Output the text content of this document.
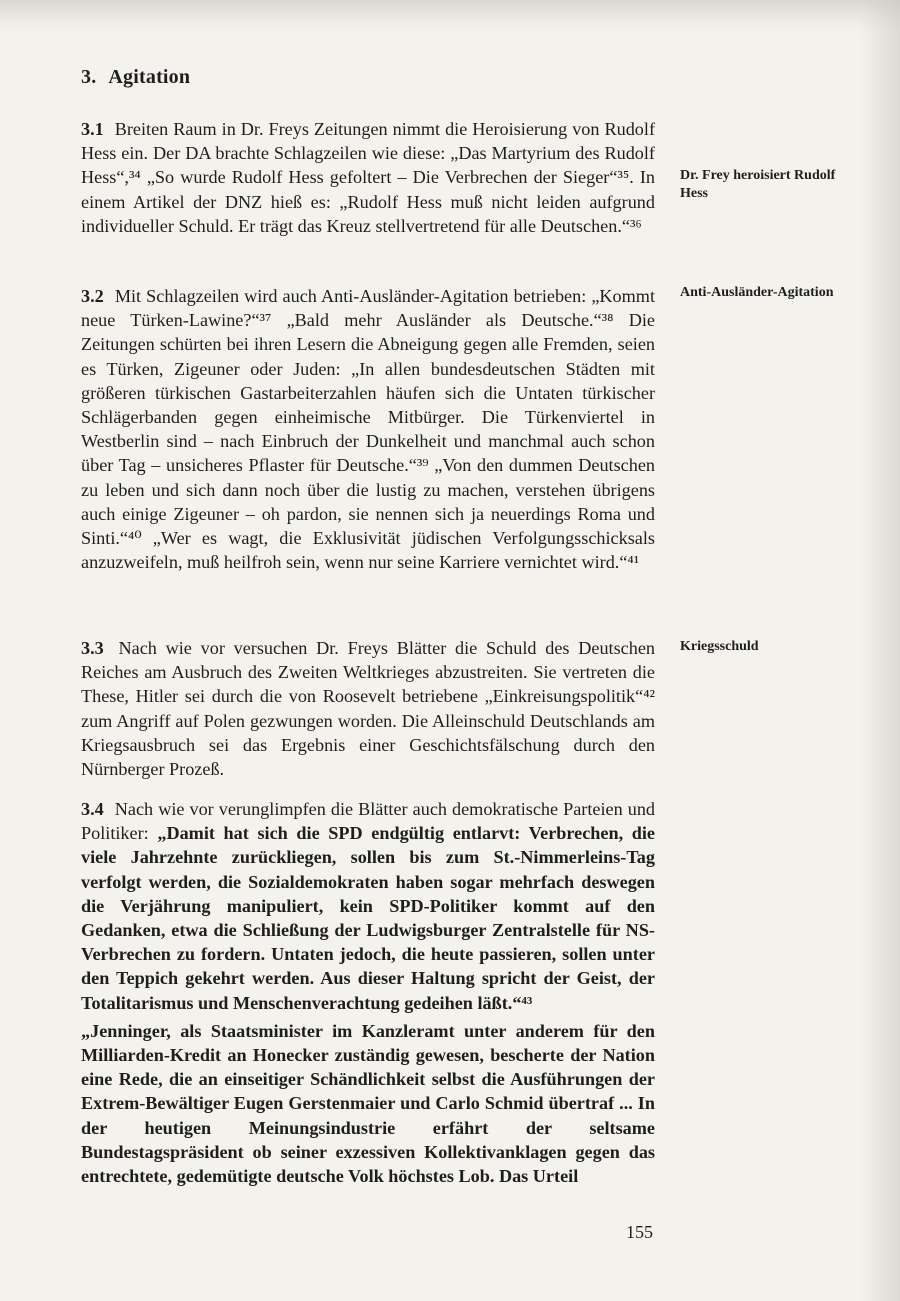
3. Agitation

3.1 Breiten Raum in Dr. Freys Zeitungen nimmt die Heroisierung von Rudolf Hess ein. Der DA brachte Schlagzeilen wie diese: „Das Martyrium des Rudolf Hess“,³⁴ „So wurde Rudolf Hess gefoltert – Die Verbrechen der Sieger“³⁵. In einem Artikel der DNZ hieß es: „Rudolf Hess muß nicht leiden aufgrund individueller Schuld. Er trägt das Kreuz stellvertretend für alle Deutschen.“³⁶

3.2 Mit Schlagzeilen wird auch Anti-Ausländer-Agitation betrieben: „Kommt neue Türken-Lawine?“³⁷ „Bald mehr Ausländer als Deutsche.“³⁸ Die Zeitungen schürten bei ihren Lesern die Abneigung gegen alle Fremden, seien es Türken, Zigeuner oder Juden: „In allen bundesdeutschen Städten mit größeren türkischen Gastarbeiterzahlen häufen sich die Untaten türkischer Schlägerbanden gegen einheimische Mitbürger. Die Türkenviertel in Westberlin sind – nach Einbruch der Dunkelheit und manchmal auch schon über Tag – unsicheres Pflaster für Deutsche.“³⁹ „Von den dummen Deutschen zu leben und sich dann noch über die lustig zu machen, verstehen übrigens auch einige Zigeuner – oh pardon, sie nennen sich ja neuerdings Roma und Sinti.“⁴⁰ „Wer es wagt, die Exklusivität jüdischen Verfolgungsschicksals anzuzweifeln, muß heilfroh sein, wenn nur seine Karriere vernichtet wird.“⁴¹

3.3 Nach wie vor versuchen Dr. Freys Blätter die Schuld des Deutschen Reiches am Ausbruch des Zweiten Weltkrieges abzustreiten. Sie vertreten die These, Hitler sei durch die von Roosevelt betriebene „Einkreisungspolitik“⁴² zum Angriff auf Polen gezwungen worden. Die Alleinschuld Deutschlands am Kriegsausbruch sei das Ergebnis einer Geschichtsfälschung durch den Nürnberger Prozeß.

3.4 Nach wie vor verunglimpfen die Blätter auch demokratische Parteien und Politiker: „Damit hat sich die SPD endgültig entlarvt: Verbrechen, die viele Jahrzehnte zurückliegen, sollen bis zum St.-Nimmerleins-Tag verfolgt werden, die Sozialdemokraten haben sogar mehrfach deswegen die Verjährung manipuliert, kein SPD-Politiker kommt auf den Gedanken, etwa die Schließung der Ludwigsburger Zentralstelle für NS-Verbrechen zu fordern. Untaten jedoch, die heute passieren, sollen unter den Teppich gekehrt werden. Aus dieser Haltung spricht der Geist, der Totalitarismus und Menschenverachtung gedeihen läßt.“⁴³

„Jenninger, als Staatsminister im Kanzleramt unter anderem für den Milliarden-Kredit an Honecker zuständig gewesen, bescherte der Nation eine Rede, die an einseitiger Schändlichkeit selbst die Ausführungen der Extrem-Bewältiger Eugen Gerstenmaier und Carlo Schmid übertraf ... In der heutigen Meinungsindustrie erfährt der seltsame Bundestagspräsident ob seiner exzessiven Kollektivanklagen gegen das entrechtete, gedemütigte deutsche Volk höchstes Lob. Das Urteil

Dr. Frey heroisiert Rudolf Hess
Anti-Ausländer-Agitation
Kriegsschuld
155
